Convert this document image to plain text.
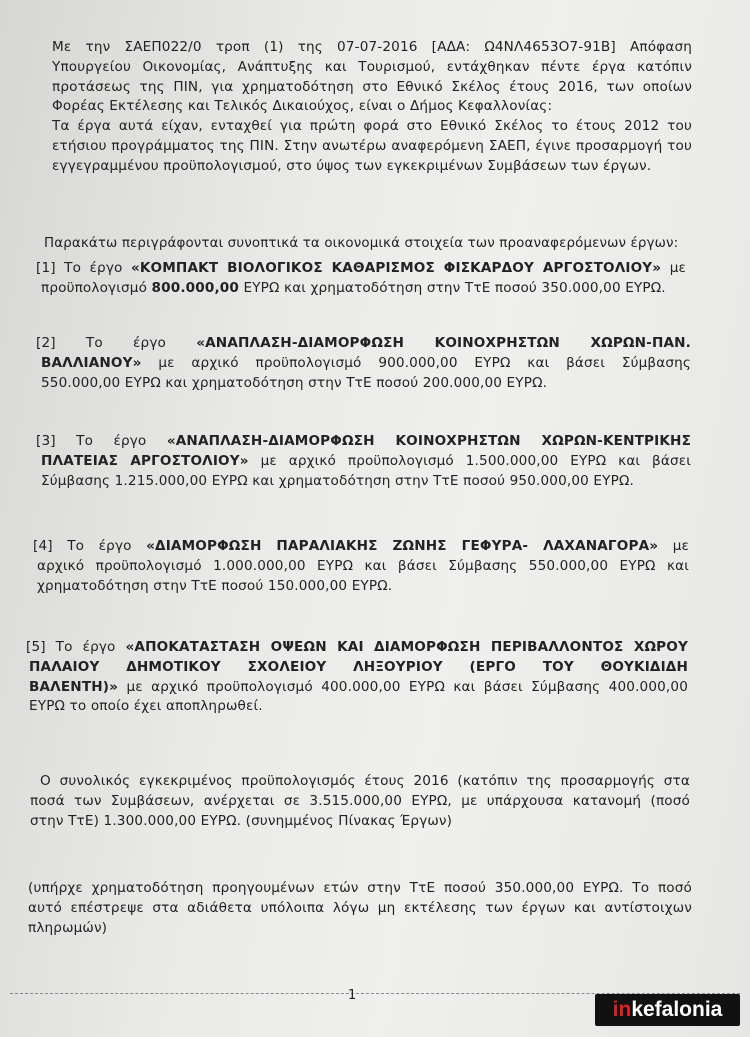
Με την ΣΑΕΠ022/0 τροπ (1) της 07-07-2016 [ΑΔΑ: Ω4ΝΛ4653Ο7-91Β] Απόφαση
Υπουργείου Οικονομίας, Ανάπτυξης και Τουρισμού, εντάχθηκαν πέντε έργα κατόπιν
προτάσεως της ΠΙΝ, για χρηματοδότηση στο Εθνικό Σκέλος έτους 2016, των οποίων
Φορέας Εκτέλεσης και Τελικός Δικαιούχος, είναι ο Δήμος Κεφαλλονίας:
Τα έργα αυτά είχαν, ενταχθεί για πρώτη φορά στο Εθνικό Σκέλος το έτους 2012 του
ετήσιου προγράμματος της ΠΙΝ. Στην ανωτέρω αναφερόμενη ΣΑΕΠ, έγινε προσαρμογή του
εγγεγραμμένου προϋπολογισμού, στο ύψος των εγκεκριμένων Συμβάσεων των έργων.
Παρακάτω περιγράφονται συνοπτικά τα οικονομικά στοιχεία των προαναφερόμενων έργων:
[1] Το έργο «ΚΟΜΠΑΚΤ ΒΙΟΛΟΓΙΚΟΣ ΚΑΘΑΡΙΣΜΟΣ ΦΙΣΚΑΡΔΟΥ ΑΡΓΟΣΤΟΛΙΟΥ» με
προϋπολογισμό 800.000,00 ΕΥΡΩ και χρηματοδότηση στην ΤτΕ ποσού 350.000,00 ΕΥΡΩ.
[2] Το έργο «ΑΝΑΠΛΑΣΗ-ΔΙΑΜΟΡΦΩΣΗ ΚΟΙΝΟΧΡΗΣΤΩΝ ΧΩΡΩΝ-ΠΑΝ.
ΒΑΛΛΙΑΝΟΥ» με αρχικό προϋπολογισμό 900.000,00 ΕΥΡΩ και βάσει Σύμβασης
550.000,00 ΕΥΡΩ και χρηματοδότηση στην ΤτΕ ποσού 200.000,00 ΕΥΡΩ.
[3] Το έργο «ΑΝΑΠΛΑΣΗ-ΔΙΑΜΟΡΦΩΣΗ ΚΟΙΝΟΧΡΗΣΤΩΝ ΧΩΡΩΝ-ΚΕΝΤΡΙΚΗΣ
ΠΛΑΤΕΙΑΣ ΑΡΓΟΣΤΟΛΙΟΥ» με αρχικό προϋπολογισμό 1.500.000,00 ΕΥΡΩ και βάσει
Σύμβασης 1.215.000,00 ΕΥΡΩ και χρηματοδότηση στην ΤτΕ ποσού 950.000,00 ΕΥΡΩ.
[4] Το έργο «ΔΙΑΜΟΡΦΩΣΗ ΠΑΡΑΛΙΑΚΗΣ ΖΩΝΗΣ ΓΕΦΥΡΑ- ΛΑΧΑΝΑΓΟΡΑ» με
αρχικό προϋπολογισμό 1.000.000,00 ΕΥΡΩ και βάσει Σύμβασης 550.000,00 ΕΥΡΩ και
χρηματοδότηση στην ΤτΕ ποσού 150.000,00 ΕΥΡΩ.
[5] Το έργο «ΑΠΟΚΑΤΑΣΤΑΣΗ ΟΨΕΩΝ ΚΑΙ ΔΙΑΜΟΡΦΩΣΗ ΠΕΡΙΒΑΛΛΟΝΤΟΣ ΧΩΡΟΥ
ΠΑΛΑΙΟΥ ΔΗΜΟΤΙΚΟΥ ΣΧΟΛΕΙΟΥ ΛΗΞΟΥΡΙΟΥ (ΕΡΓΟ ΤΟΥ ΘΟΥΚΙΔΙΔΗ
ΒΑΛΕΝΤΗ)» με αρχικό προϋπολογισμό 400.000,00 ΕΥΡΩ και βάσει Σύμβασης 400.000,00
ΕΥΡΩ το οποίο έχει αποπληρωθεί.
Ο συνολικός εγκεκριμένος προϋπολογισμός έτους 2016 (κατόπιν της προσαρμογής στα
ποσά των Συμβάσεων, ανέρχεται σε 3.515.000,00 ΕΥΡΩ, με υπάρχουσα κατανομή (ποσό
στην ΤτΕ) 1.300.000,00 ΕΥΡΩ. (συνημμένος Πίνακας Έργων)
(υπήρχε χρηματοδότηση προηγουμένων ετών στην ΤτΕ ποσού 350.000,00 ΕΥΡΩ. Το ποσό
αυτό επέστρεψε στα αδιάθετα υπόλοιπα λόγω μη εκτέλεσης των έργων και αντίστοιχων
πληρωμών)
1
in kefalonia
